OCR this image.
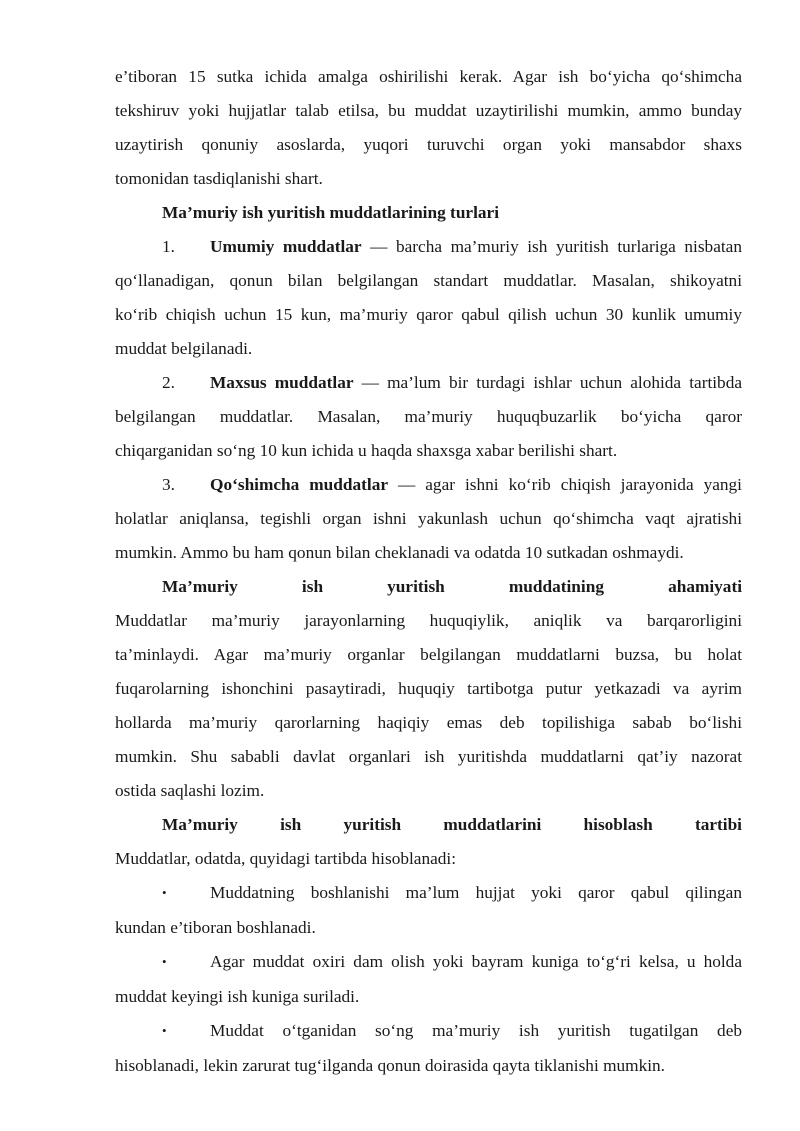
e’tiboran 15 sutka ichida amalga oshirilishi kerak. Agar ish bo‘yicha qo‘shimcha
tekshiruv yoki hujjatlar talab etilsa, bu muddat uzaytirilishi mumkin, ammo bunday
uzaytirish qonuniy asoslarda, yuqori turuvchi organ yoki mansabdor shaxs
tomonidan tasdiqlanishi shart.
Ma’muriy ish yuritish muddatlarining turlari
1. Umumiy muddatlar — barcha ma’muriy ish yuritish turlariga nisbatan
qo‘llanadigan, qonun bilan belgilangan standart muddatlar. Masalan, shikoyatni
ko‘rib chiqish uchun 15 kun, ma’muriy qaror qabul qilish uchun 30 kunlik umumiy
muddat belgilanadi.
2. Maxsus muddatlar — ma’lum bir turdagi ishlar uchun alohida tartibda
belgilangan muddatlar. Masalan, ma’muriy huquqbuzarlik bo‘yicha qaror
chiqarganidan so‘ng 10 kun ichida u haqda shaxsga xabar berilishi shart.
3. Qo‘shimcha muddatlar — agar ishni ko‘rib chiqish jarayonida yangi
holatlar aniqlansa, tegishli organ ishni yakunlash uchun qo‘shimcha vaqt ajratishi
mumkin. Ammo bu ham qonun bilan cheklanadi va odatda 10 sutkadan oshmaydi.
Ma’muriy ish yuritish muddatining ahamiyati
Muddatlar ma’muriy jarayonlarning huquqiylik, aniqlik va barqarorligini
ta’minlaydi. Agar ma’muriy organlar belgilangan muddatlarni buzsa, bu holat
fuqarolarning ishonchini pasaytiradi, huquqiy tartibotga putur yetkazadi va ayrim
hollarda ma’muriy qarorlarning haqiqiy emas deb topilishiga sabab bo‘lishi
mumkin. Shu sababli davlat organlari ish yuritishda muddatlarni qat’iy nazorat
ostida saqlashi lozim.
Ma’muriy ish yuritish muddatlarini hisoblash tartibi
Muddatlar, odatda, quyidagi tartibda hisoblanadi:
•	Muddatning boshlanishi ma’lum hujjat yoki qaror qabul qilingan
kundan e’tiboran boshlanadi.
•	Agar muddat oxiri dam olish yoki bayram kuniga to‘g‘ri kelsa, u holda
muddat keyingi ish kuniga suriladi.
•	Muddat o‘tganidan so‘ng ma’muriy ish yuritish tugatilgan deb
hisoblanadi, lekin zarurat tug‘ilganda qonun doirasida qayta tiklanishi mumkin.
